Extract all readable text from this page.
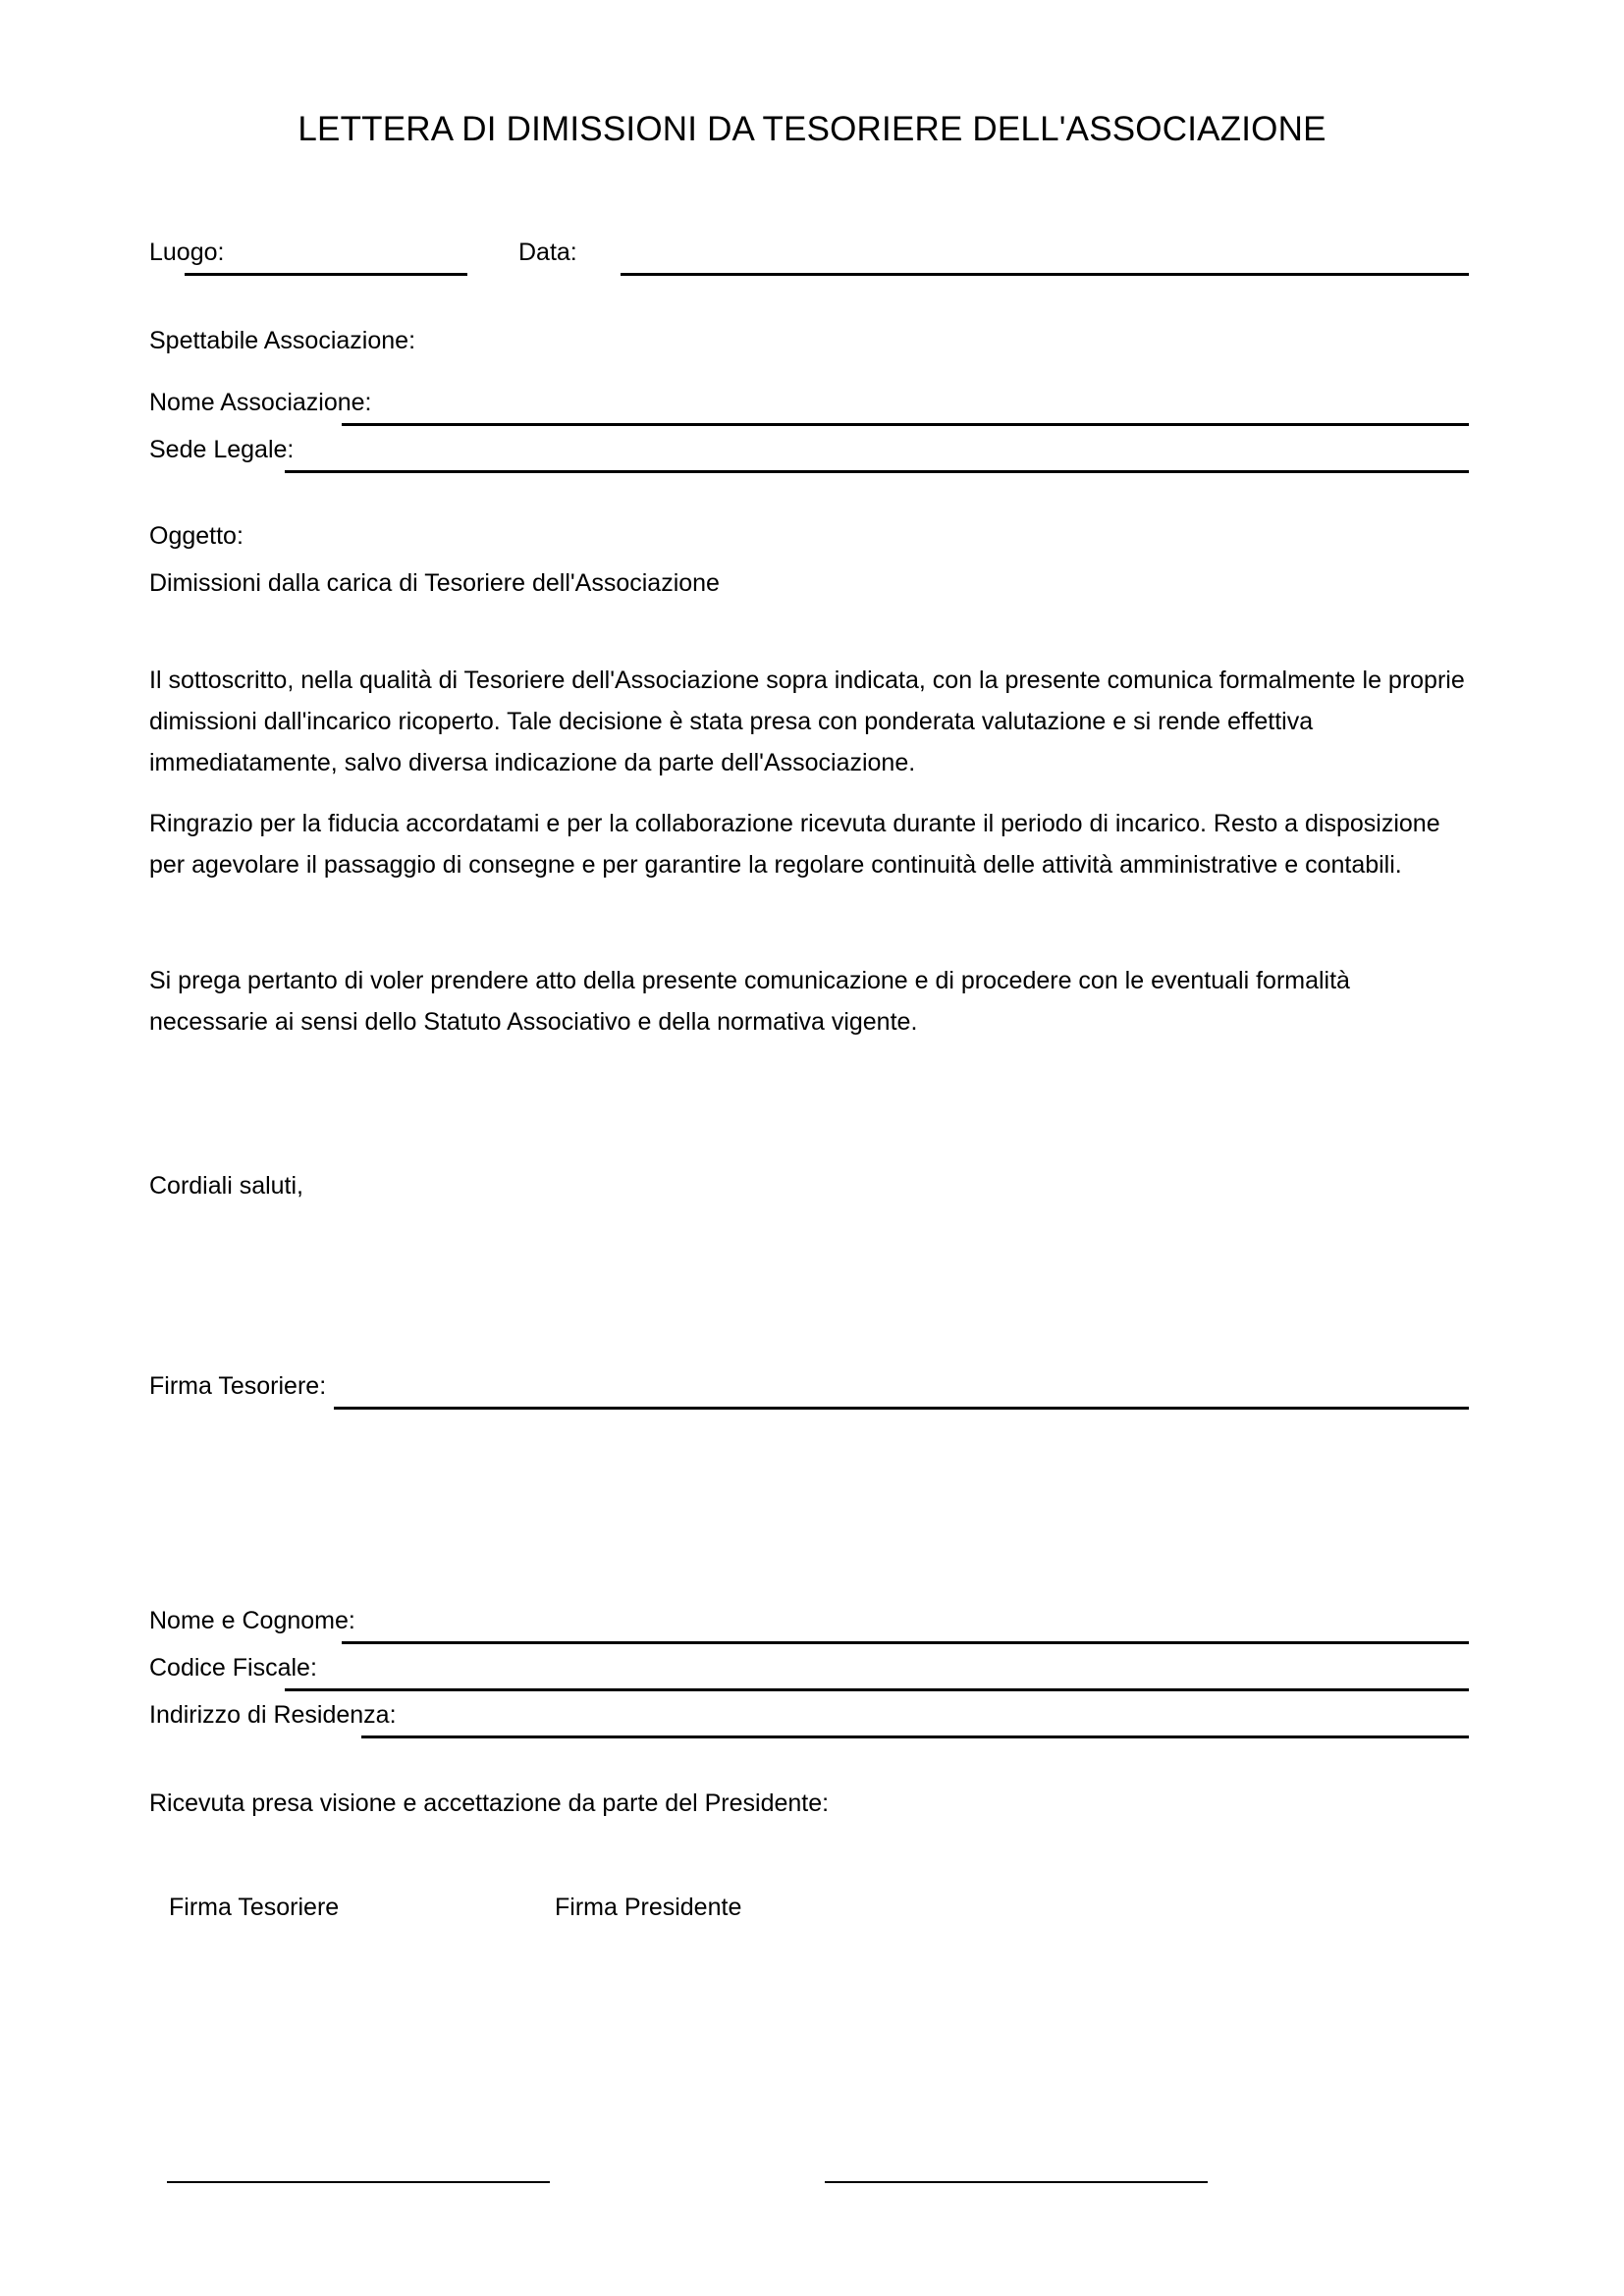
LETTERA DI DIMISSIONI DA TESORIERE DELL'ASSOCIAZIONE
Luogo:	Data:
Spettabile Associazione:
Nome Associazione:
Sede Legale:
Oggetto:
Dimissioni dalla carica di Tesoriere dell'Associazione
Il sottoscritto, nella qualità di Tesoriere dell'Associazione sopra indicata, con la presente comunica formalmente le proprie dimissioni dall'incarico ricoperto. Tale decisione è stata presa con ponderata valutazione e si rende effettiva immediatamente, salvo diversa indicazione da parte dell'Associazione.
Ringrazio per la fiducia accordatami e per la collaborazione ricevuta durante il periodo di incarico. Resto a disposizione per agevolare il passaggio di consegne e per garantire la regolare continuità delle attività amministrative e contabili.
Si prega pertanto di voler prendere atto della presente comunicazione e di procedere con le eventuali formalità necessarie ai sensi dello Statuto Associativo e della normativa vigente.
Cordiali saluti,
Firma Tesoriere:
Nome e Cognome:
Codice Fiscale:
Indirizzo di Residenza:
Ricevuta presa visione e accettazione da parte del Presidente:
Firma Tesoriere	Firma Presidente
